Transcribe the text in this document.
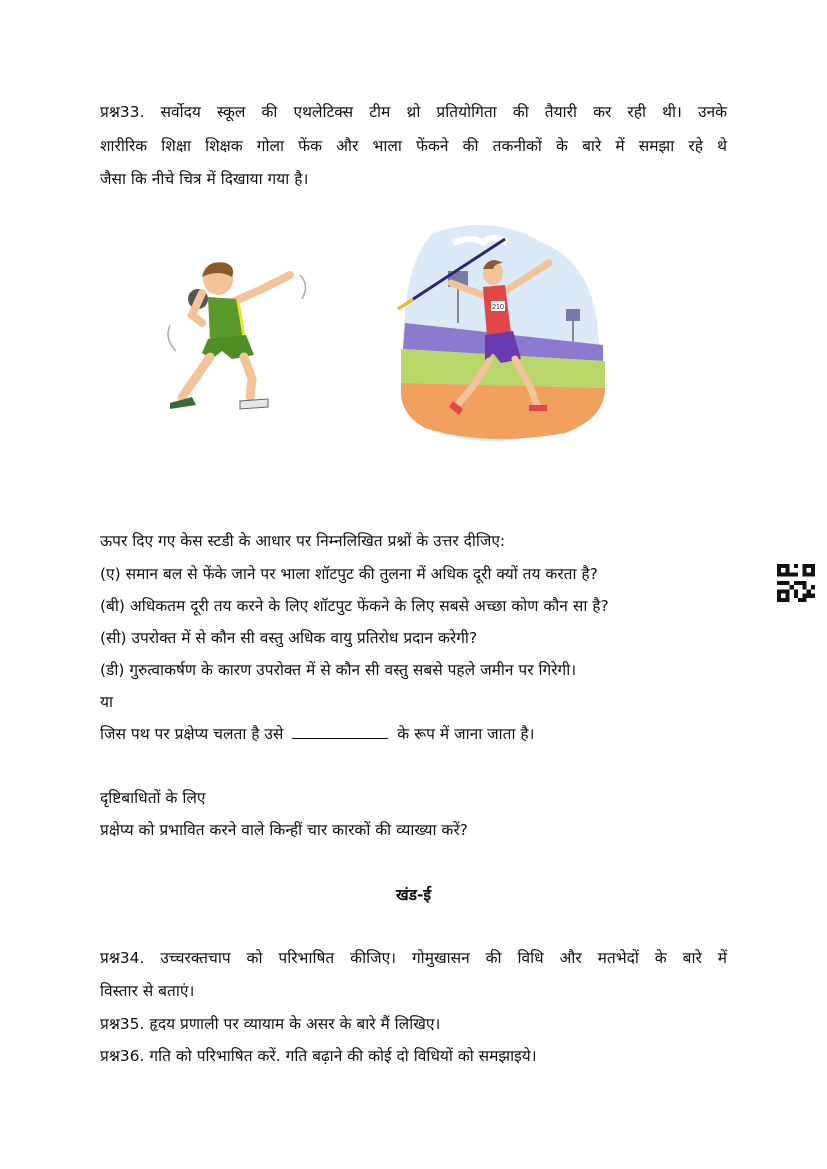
प्रश्न33. सर्वोदय स्कूल की एथलेटिक्स टीम थ्रो प्रतियोगिता की तैयारी कर रही थी। उनके
शारीरिक शिक्षा शिक्षक गोला फेंक और भाला फेंकने की तकनीकों के बारे में समझा रहे थे
जैसा कि नीचे चित्र में दिखाया गया है।
210
ऊपर दिए गए केस स्टडी के आधार पर निम्नलिखित प्रश्नों के उत्तर दीजिए:
(ए) समान बल से फेंके जाने पर भाला शॉटपुट की तुलना में अधिक दूरी क्यों तय करता है?
(बी) अधिकतम दूरी तय करने के लिए शॉटपुट फेंकने के लिए सबसे अच्छा कोण कौन सा है?
(सी) उपरोक्त में से कौन सी वस्तु अधिक वायु प्रतिरोध प्रदान करेगी?
(डी) गुरुत्वाकर्षण के कारण उपरोक्त में से कौन सी वस्तु सबसे पहले जमीन पर गिरेगी।
या
जिस पथ पर प्रक्षेप्य चलता है उसे	के रूप में जाना जाता है।
दृष्टिबाधितों के लिए
प्रक्षेप्य को प्रभावित करने वाले किन्हीं चार कारकों की व्याख्या करें?
खंड-ई
प्रश्न34. उच्चरक्तचाप को परिभाषित कीजिए। गोमुखासन की विधि और मतभेदों के बारे में
विस्तार से बताएं।
प्रश्न35. हृदय प्रणाली पर व्यायाम के असर के बारे मैं लिखिए।
प्रश्न36. गति को परिभाषित करें. गति बढ़ाने की कोई दो विधियों को समझाइये।
